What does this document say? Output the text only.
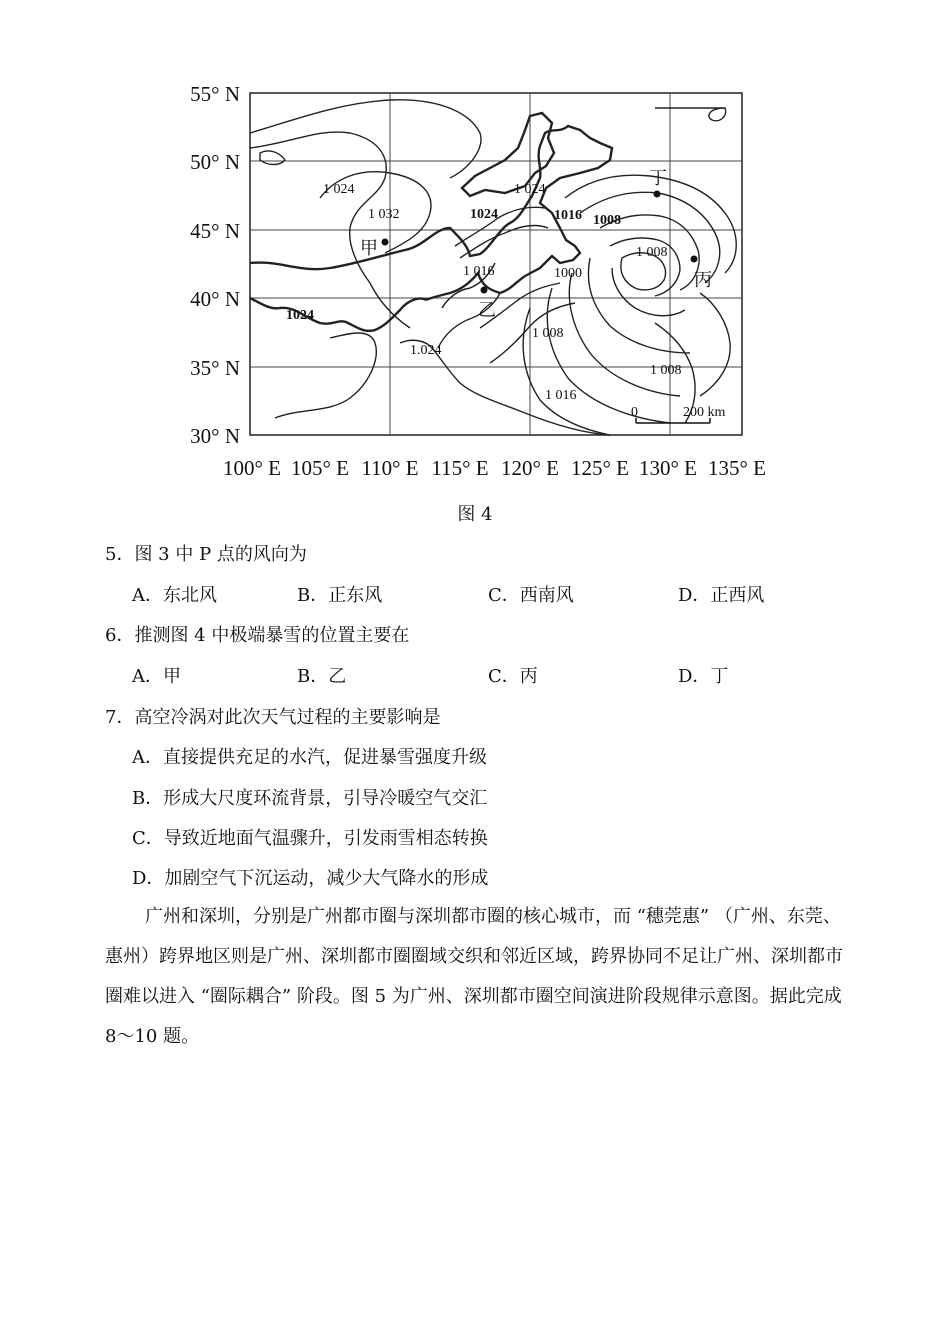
1 024
1 032	1024
1 024
1016 1008
1 016	1000
1 008
1 008
1 008
1024
1.024
1 016
甲
乙
丙
丁
0	200 km
55° N
50° N
45° N
40° N
35° N
30° N
100° E 105° E 110° E 115° E 120° E 125° E 130° E 135° E
图 4
5．图 3 中 P 点的风向为
A．东北风	B．正东风	C．西南风	D．正西风
6．推测图 4 中极端暴雪的位置主要在
A．甲	B．乙	C．丙	D．丁
7．高空冷涡对此次天气过程的主要影响是
A．直接提供充足的水汽，促进暴雪强度升级
B．形成大尺度环流背景，引导冷暖空气交汇
C．导致近地面气温骤升，引发雨雪相态转换
D．加剧空气下沉运动，减少大气降水的形成

广州和深圳，分别是广州都市圈与深圳都市圈的核心城市，而 “穗莞惠” （广州、东莞、惠州）跨界地区则是广州、深圳都市圈圈域交织和邻近区域，跨界协同不足让广州、深圳都市圈难以进入 “圈际耦合” 阶段。图 5 为广州、深圳都市圈空间演进阶段规律示意图。据此完成 8～10 题。
